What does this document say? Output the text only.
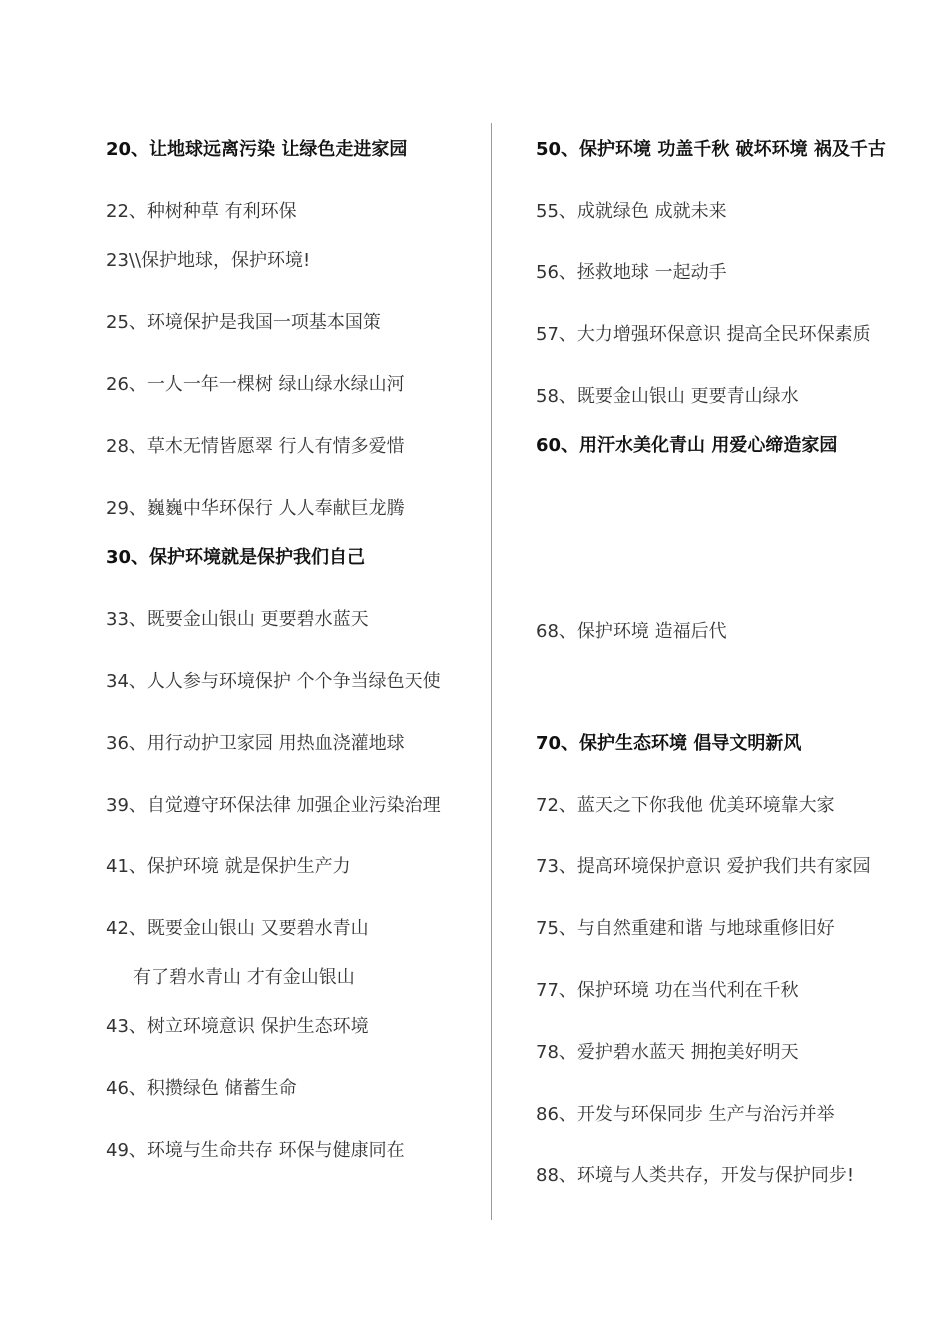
20、让地球远离污染 让绿色走进家园
22、种树种草 有利环保
23\\保护地球，保护环境!
25、环境保护是我国一项基本国策
26、一人一年一棵树 绿山绿水绿山河
28、草木无情皆愿翠 行人有情多爱惜
29、巍巍中华环保行 人人奉献巨龙腾
30、保护环境就是保护我们自己
33、既要金山银山 更要碧水蓝天
34、人人参与环境保护 个个争当绿色天使
36、用行动护卫家园 用热血浇灌地球
39、自觉遵守环保法律 加强企业污染治理
41、保护环境 就是保护生产力
42、既要金山银山 又要碧水青山
有了碧水青山 才有金山银山
43、树立环境意识 保护生态环境
46、积攒绿色 储蓄生命
49、环境与生命共存 环保与健康同在
50、保护环境 功盖千秋 破坏环境 祸及千古
55、成就绿色 成就未来
56、拯救地球 一起动手
57、大力增强环保意识 提高全民环保素质
58、既要金山银山 更要青山绿水
60、用汗水美化青山 用爱心缔造家园
68、保护环境 造福后代
70、保护生态环境 倡导文明新风
72、蓝天之下你我他 优美环境靠大家
73、提高环境保护意识 爱护我们共有家园
75、与自然重建和谐 与地球重修旧好
77、保护环境 功在当代利在千秋
78、爱护碧水蓝天 拥抱美好明天
86、开发与环保同步 生产与治污并举
88、环境与人类共存，开发与保护同步!
